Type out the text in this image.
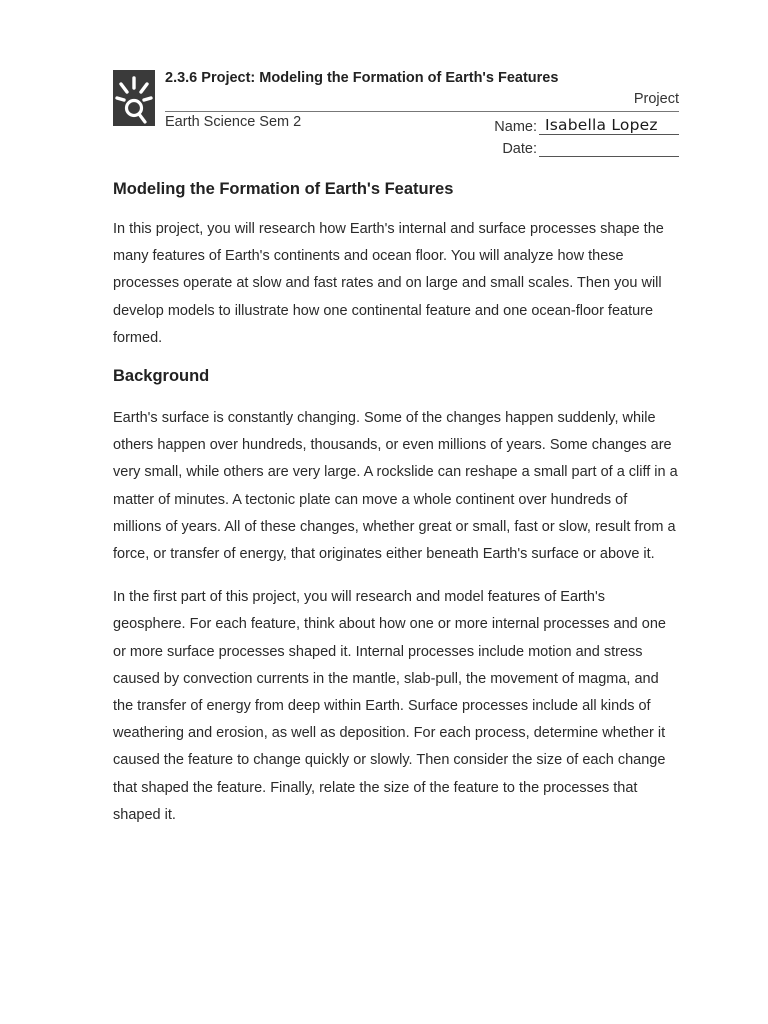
2.3.6 Project: Modeling the Formation of Earth's Features
Project
Earth Science Sem 2	Name: Isabella Lopez
Date:
Modeling the Formation of Earth's Features

In this project, you will research how Earth's internal and surface processes shape the many features of Earth's continents and ocean floor. You will analyze how these processes operate at slow and fast rates and on large and small scales. Then you will develop models to illustrate how one continental feature and one ocean-floor feature formed.

Background

Earth's surface is constantly changing. Some of the changes happen suddenly, while others happen over hundreds, thousands, or even millions of years. Some changes are very small, while others are very large. A rockslide can reshape a small part of a cliff in a matter of minutes. A tectonic plate can move a whole continent over hundreds of millions of years. All of these changes, whether great or small, fast or slow, result from a force, or transfer of energy, that originates either beneath Earth's surface or above it.

In the first part of this project, you will research and model features of Earth's geosphere. For each feature, think about how one or more internal processes and one or more surface processes shaped it. Internal processes include motion and stress caused by convection currents in the mantle, slab-pull, the movement of magma, and the transfer of energy from deep within Earth. Surface processes include all kinds of weathering and erosion, as well as deposition. For each process, determine whether it caused the feature to change quickly or slowly. Then consider the size of each change that shaped the feature. Finally, relate the size of the feature to the processes that shaped it.
